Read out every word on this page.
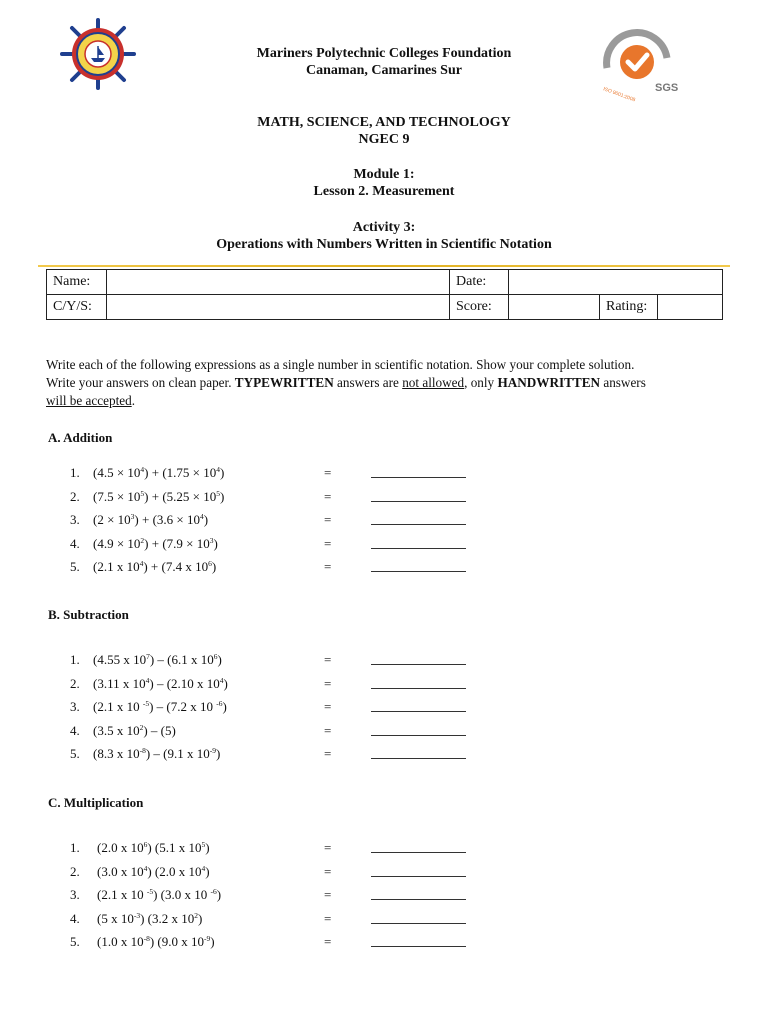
SGS
ISO 9001:2008
Mariners Polytechnic Colleges Foundation
Canaman, Camarines Sur
MATH, SCIENCE, AND TECHNOLOGY
NGEC 9
Module 1:
Lesson 2. Measurement
Activity 3:
Operations with Numbers Written in Scientific Notation
Name:		Date:			
C/Y/S:		Score:		Rating:	
Write each of the following expressions as a single number in scientific notation. Show your complete solution.
Write your answers on clean paper. TYPEWRITTEN answers are not allowed, only HANDWRITTEN answers
will be accepted.
A. Addition
1. $(4.5 \times 10^4) + (1.75 \times 10^4)$	=
2. $(7.5 \times 10^5) + (5.25 \times 10^5)$	=
3. $(2 \times 10^3) + (3.6 \times 10^4)$	=
4. $(4.9 \times 10^2) + (7.9 \times 10^3)$	=
5. (2.1 x $10^4) + (7.4$ x $10^6$)	=
B. Subtraction
1. (4.55 x $10^7) - (6.1$ x $10^6$)	=
2. (3.11 x $10^4) - (2.10$ x $10^4$)	=
3. (2.1 x 10 $^{-5}$) – (7.2 x 10 $^{-6}$)	=
4. (3.5 x $10^2) - (5)$	=
5. (8.3 x $10^{-8}) - (9.1$ x $10^{-9}$)	=
C. Multiplication
1. (2.0 x $10^6$) (5.1 x $10^5$)	=
2. (3.0 x $10^4$) (2.0 x $10^4$)	=
3. (2.1 x 10 $^{-5}$) (3.0 x 10 $^{-6}$)	=
4. (5 x $10^{-3}$) (3.2 x $10^2$)	=
5. (1.0 x $10^{-8}$) (9.0 x $10^{-9}$)	=
